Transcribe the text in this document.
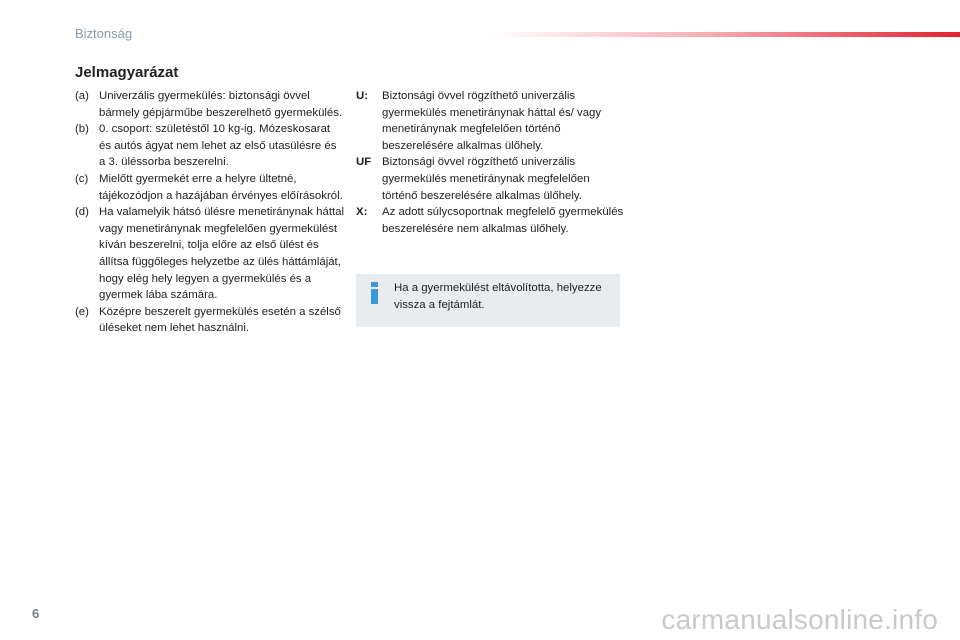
Biztonság
Jelmagyarázat
(a) Univerzális gyermekülés: biztonsági övvel bármely gépjárműbe beszerelhető gyermekülés.
(b) 0. csoport: születéstől 10 kg-ig. Mózeskosarat és autós ágyat nem lehet az első utasülésre és a 3. üléssorba beszerelni.
(c) Mielőtt gyermekét erre a helyre ültetné, tájékozódjon a hazájában érvényes előírásokról.
(d) Ha valamelyik hátsó ülésre menetiránynak háttal vagy menetiránynak megfelelően gyermekülést kíván beszerelni, tolja előre az első ülést és állítsa függőleges helyzetbe az ülés háttámláját, hogy elég hely legyen a gyermekülés és a gyermek lába számára.
(e) Középre beszerelt gyermekülés esetén a szélső üléseket nem lehet használni.
U: Biztonsági övvel rögzíthető univerzális gyermekülés menetiránynak háttal és/ vagy menetiránynak megfelelően történő beszerelésére alkalmas ülőhely.
UF Biztonsági övvel rögzíthető univerzális gyermekülés menetiránynak megfelelően történő beszerelésére alkalmas ülőhely.
X: Az adott súlycsoportnak megfelelő gyermekülés beszerelésére nem alkalmas ülőhely.
Ha a gyermekülést eltávolította, helyezze vissza a fejtámlát.
6	carmanualsonline.info
